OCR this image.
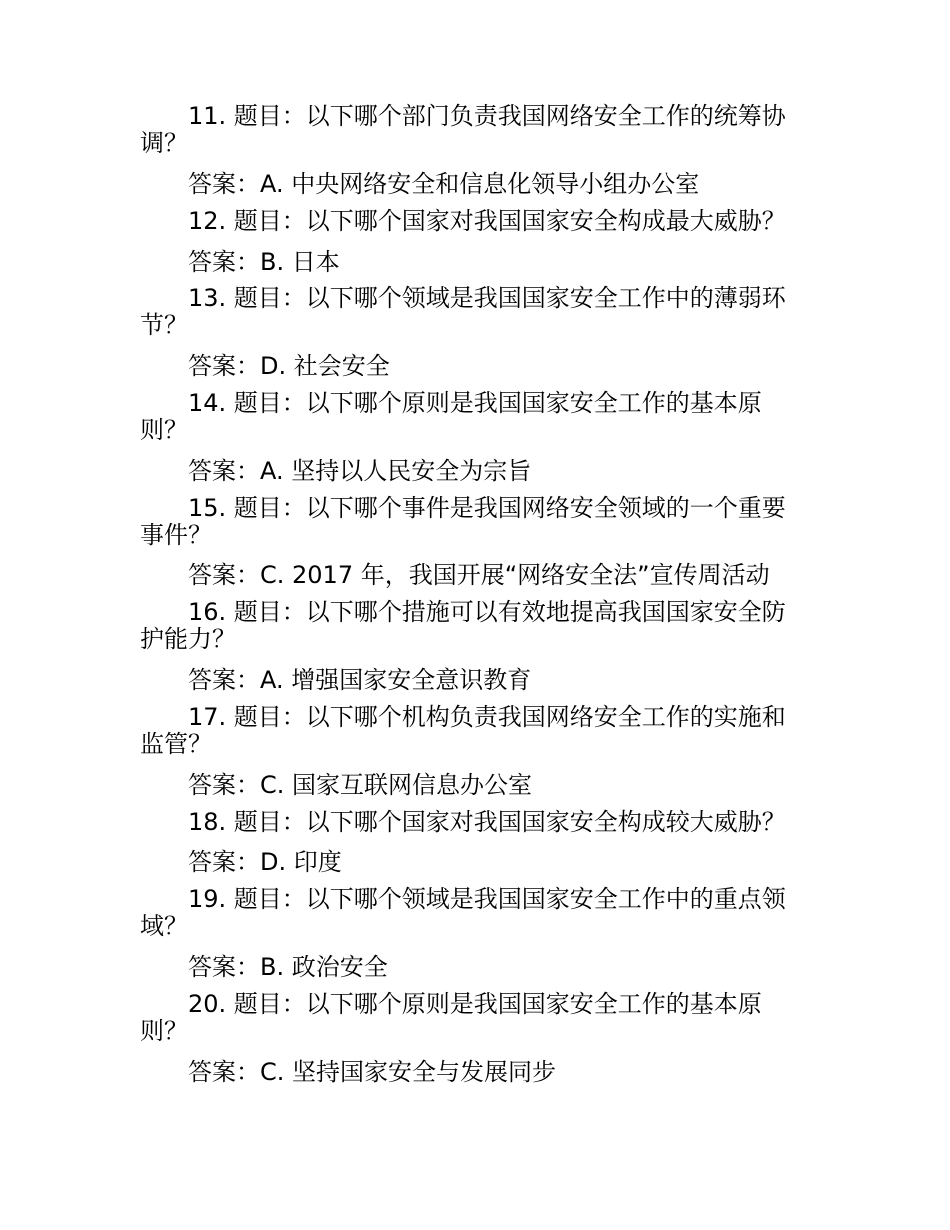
11. 题目：以下哪个部门负责我国网络安全工作的统筹协调？

答案：A. 中央网络安全和信息化领导小组办公室

12. 题目：以下哪个国家对我国国家安全构成最大威胁？

答案：B. 日本

13. 题目：以下哪个领域是我国国家安全工作中的薄弱环节？

答案：D. 社会安全

14. 题目：以下哪个原则是我国国家安全工作的基本原则？

答案：A. 坚持以人民安全为宗旨

15. 题目：以下哪个事件是我国网络安全领域的一个重要事件？

答案：C. 2017 年，我国开展“网络安全法”宣传周活动

16. 题目：以下哪个措施可以有效地提高我国国家安全防护能力？

答案：A. 增强国家安全意识教育

17. 题目：以下哪个机构负责我国网络安全工作的实施和监管？

答案：C. 国家互联网信息办公室

18. 题目：以下哪个国家对我国国家安全构成较大威胁？

答案：D. 印度

19. 题目：以下哪个领域是我国国家安全工作中的重点领域？

答案：B. 政治安全

20. 题目：以下哪个原则是我国国家安全工作的基本原则？

答案：C. 坚持国家安全与发展同步
